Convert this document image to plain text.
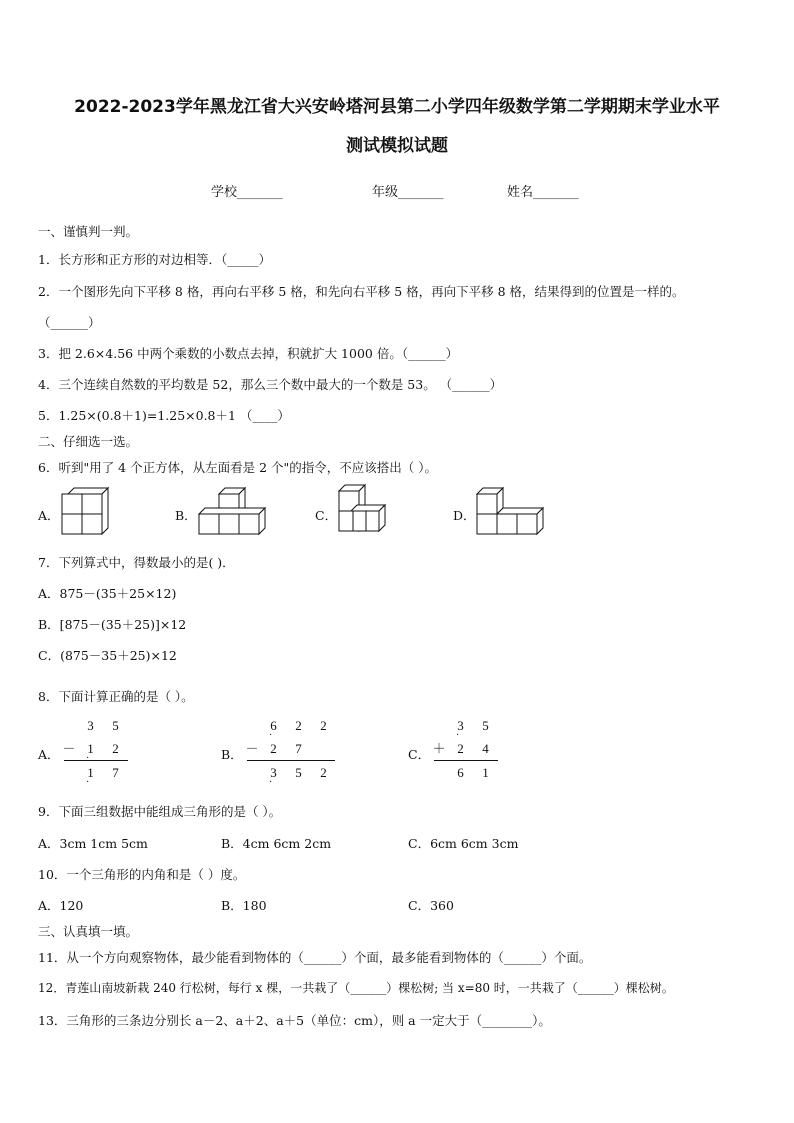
2022-2023学年黑龙江省大兴安岭塔河县第二小学四年级数学第二学期期末学业水平
测试模拟试题
学校_______	年级_______	姓名_______
一、谨慎判一判。
1．长方形和正方形的对边相等．（_____）
2．一个图形先向下平移 8 格，再向右平移 5 格，和先向右平移 5 格，再向下平移 8 格，结果得到的位置是一样的。
（______）
3．把 2.6×4.56 中两个乘数的小数点去掉，积就扩大 1000 倍。（______）
4．三个连续自然数的平均数是 52，那么三个数中最大的一个数是 53。 （______）
5．1.25×(0.8＋1)=1.25×0.8＋1 （____）
二、仔细选一选。
6．听到"用了 4 个正方体，从左面看是 2 个"的指令，不应该搭出（ ）。
A．	B．	C．	D．
7．下列算式中，得数最小的是( )．
A．875－(35＋25×12)
B．[875－(35＋25)]×12
C．(875－35＋25)×12
8．下面计算正确的是（ ）。
A．
3	5
－ 1 ·	2
1 ·	7
B．
6 ·	2	2
－ 2	7
3 ·	5	2
C．
3 ·	5
＋ 2	4
6	1
9．下面三组数据中能组成三角形的是（ ）。
A．3cm 1cm 5cm	B．4cm 6cm 2cm	C．6cm 6cm 3cm
10．一个三角形的内角和是（ ）度。
A．120	B．180	C．360
三、认真填一填。
11．从一个方向观察物体，最少能看到物体的（______）个面，最多能看到物体的（______）个面。
12．青莲山南坡新栽 240 行松树，每行 x 棵，一共栽了（______）棵松树; 当 x=80 时，一共栽了（______）棵松树。
13．三角形的三条边分别长 a－2、a＋2、a＋5（单位：cm），则 a 一定大于（________）。
